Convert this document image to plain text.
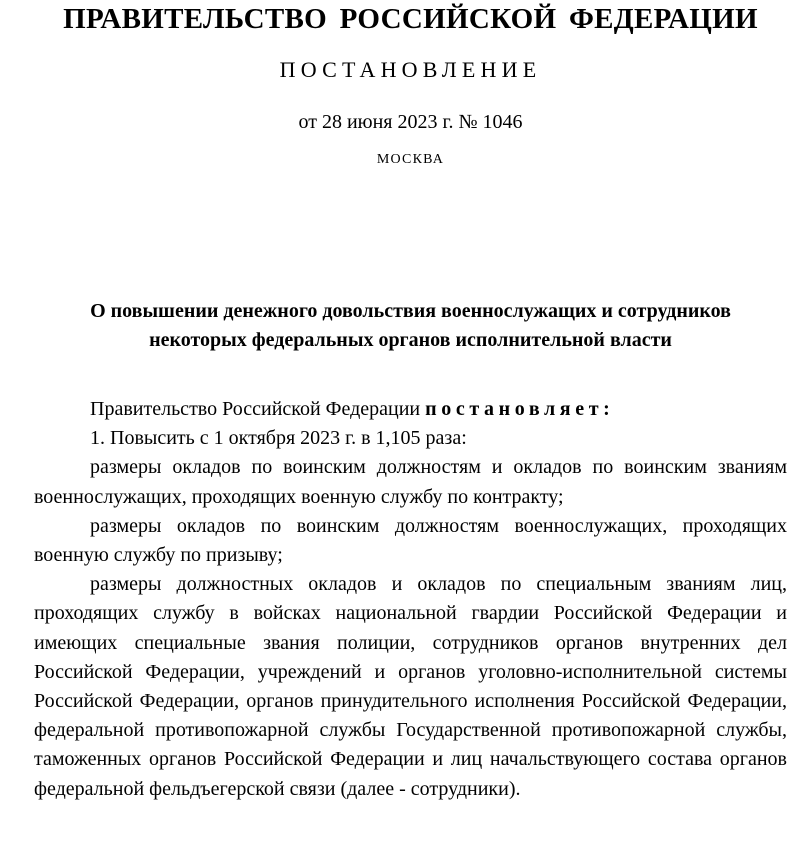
ПРАВИТЕЛЬСТВО РОССИЙСКОЙ ФЕДЕРАЦИИ
ПОСТАНОВЛЕНИЕ
от 28 июня 2023 г. № 1046
МОСКВА
О повышении денежного довольствия военнослужащих и сотрудников
некоторых федеральных органов исполнительной власти

Правительство Российской Федерации постановляет:

1. Повысить с 1 октября 2023 г. в 1,105 раза:

размеры окладов по воинским должностям и окладов по воинским званиям военнослужащих, проходящих военную службу по контракту;

размеры окладов по воинским должностям военнослужащих, проходящих военную службу по призыву;

размеры должностных окладов и окладов по специальным званиям лиц, проходящих службу в войсках национальной гвардии Российской Федерации и имеющих специальные звания полиции, сотрудников органов внутренних дел Российской Федерации, учреждений и органов уголовно-исполнительной системы Российской Федерации, органов принудительного исполнения Российской Федерации, федеральной противопожарной службы Государственной противопожарной службы, таможенных органов Российской Федерации и лиц начальствующего состава органов федеральной фельдъегерской связи (далее - сотрудники).
